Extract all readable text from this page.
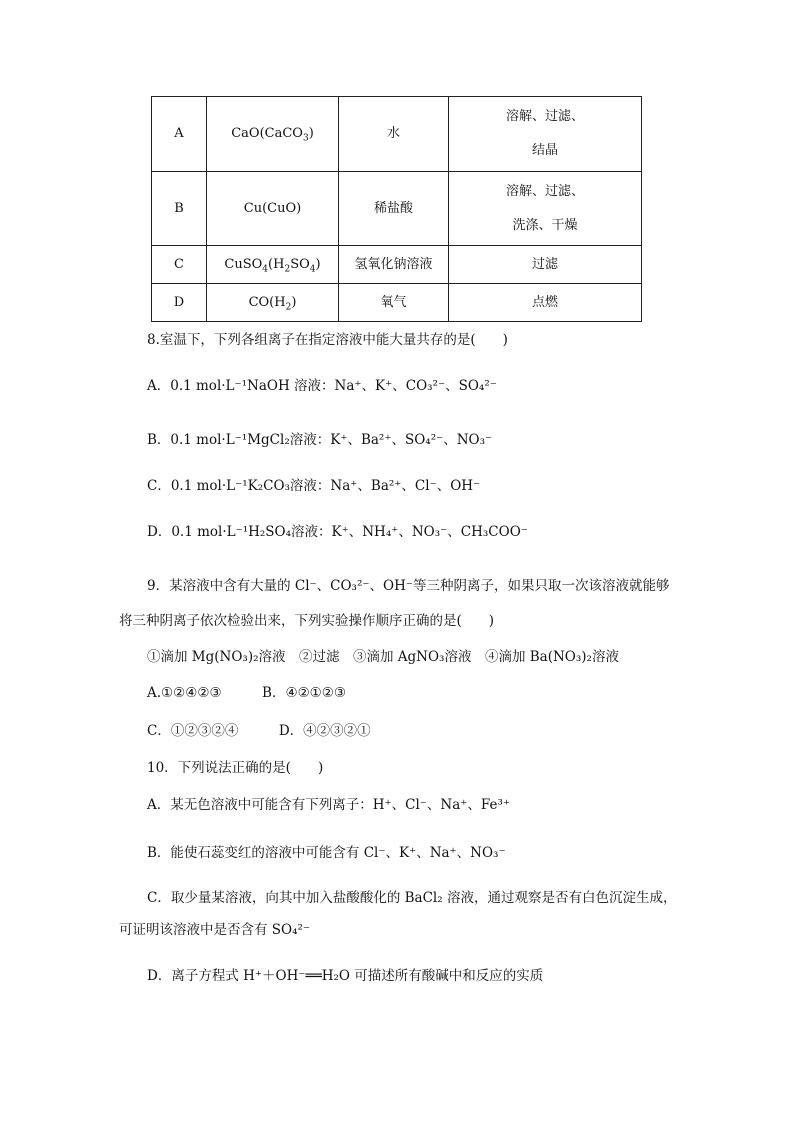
A	CaO(CaCO$_3$)	水	溶解、过滤、
结晶

B	Cu(CuO)	稀盐酸	溶解、过滤、
洗涤、干燥

C	$CuSO_4(H_2SO_4)$	氢氧化钠溶液	过滤
D	$CO(H_2)$	氧气	点燃
8.室温下，下列各组离子在指定溶液中能大量共存的是(　　)
A．0.1 mol·L⁻¹NaOH 溶液：Na⁺、K⁺、CO₃²⁻、SO₄²⁻
B．0.1 mol·L⁻¹MgCl₂溶液：K⁺、Ba²⁺、SO₄²⁻、NO₃⁻
C．0.1 mol·L⁻¹K₂CO₃溶液：Na⁺、Ba²⁺、Cl⁻、OH⁻
D．0.1 mol·L⁻¹H₂SO₄溶液：K⁺、NH₄⁺、NO₃⁻、CH₃COO⁻
9．某溶液中含有大量的 Cl⁻、CO₃²⁻、OH⁻等三种阴离子，如果只取一次该溶液就能够
将三种阴离子依次检验出来，下列实验操作顺序正确的是(　　)
①滴加 Mg(NO₃)₂溶液　②过滤　③滴加 AgNO₃溶液　④滴加 Ba(NO₃)₂溶液
A.①②④②③　　　B．④②①②③
C．①②③②④　　　D．④②③②①
10．下列说法正确的是(　　)
A．某无色溶液中可能含有下列离子：H⁺、Cl⁻、Na⁺、Fe³⁺
B．能使石蕊变红的溶液中可能含有 Cl⁻、K⁺、Na⁺、NO₃⁻
C．取少量某溶液，向其中加入盐酸酸化的 BaCl₂ 溶液，通过观察是否有白色沉淀生成，
可证明该溶液中是否含有 SO₄²⁻
D．离子方程式 H⁺＋OH⁻══H₂O 可描述所有酸碱中和反应的实质
